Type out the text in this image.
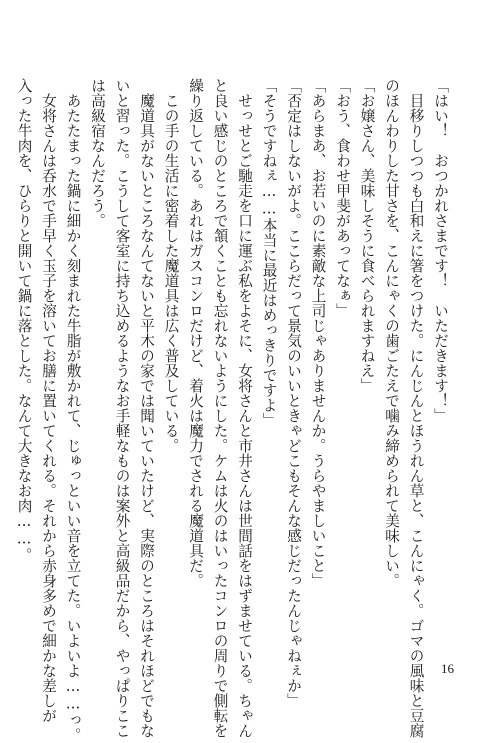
「はい！　おつかれさまです！　いただきます！」
　目移りしつつも白和えに箸をつけた。にんじんとほうれん草と、こんにゃく。ゴマの風味と豆腐
のほんわりした甘さを、こんにゃくの歯ごたえで噛み締められて美味しい。
「お嬢さん、美味しそうに食べられますねえ」
「おう、食わせ甲斐があってなぁ」
「あらまあ、お若いのに素敵な上司じゃありませんか。うらやましいこと」
「否定はしないがよ。ここらだって景気のいいときゃどこもそんな感じだったんじゃねぇか」
「そうですねぇ……本当に最近はめっきりですよ」
　せっせとご馳走を口に運ぶ私をよそに、女将さんと市井さんは世間話をはずませている。ちゃん
と良い感じのところで頷くことも忘れないようにした。ケムは火のはいったコンロの周りで側転を
繰り返している。あれはガスコンロだけど、着火は魔力でされる魔道具だ。
　この手の生活に密着した魔道具は広く普及している。
　魔道具がないところなんてないと平木の家では聞いていたけど、実際のところはそれほどでもな
いと習った。こうして客室に持ち込めるようなお手軽なものは案外と高級品だから、やっぱりここ
は高級宿なんだろう。
　あたたまった鍋に細かく刻まれた牛脂が敷かれて、じゅっといい音を立てた。いよいよ……っ。
　女将さんは呑水で手早く玉子を溶いてお膳に置いてくれる。それから赤身多めで細かな差しが
入った牛肉を、ひらりと開いて鍋に落とした。なんて大きなお肉……。
16
